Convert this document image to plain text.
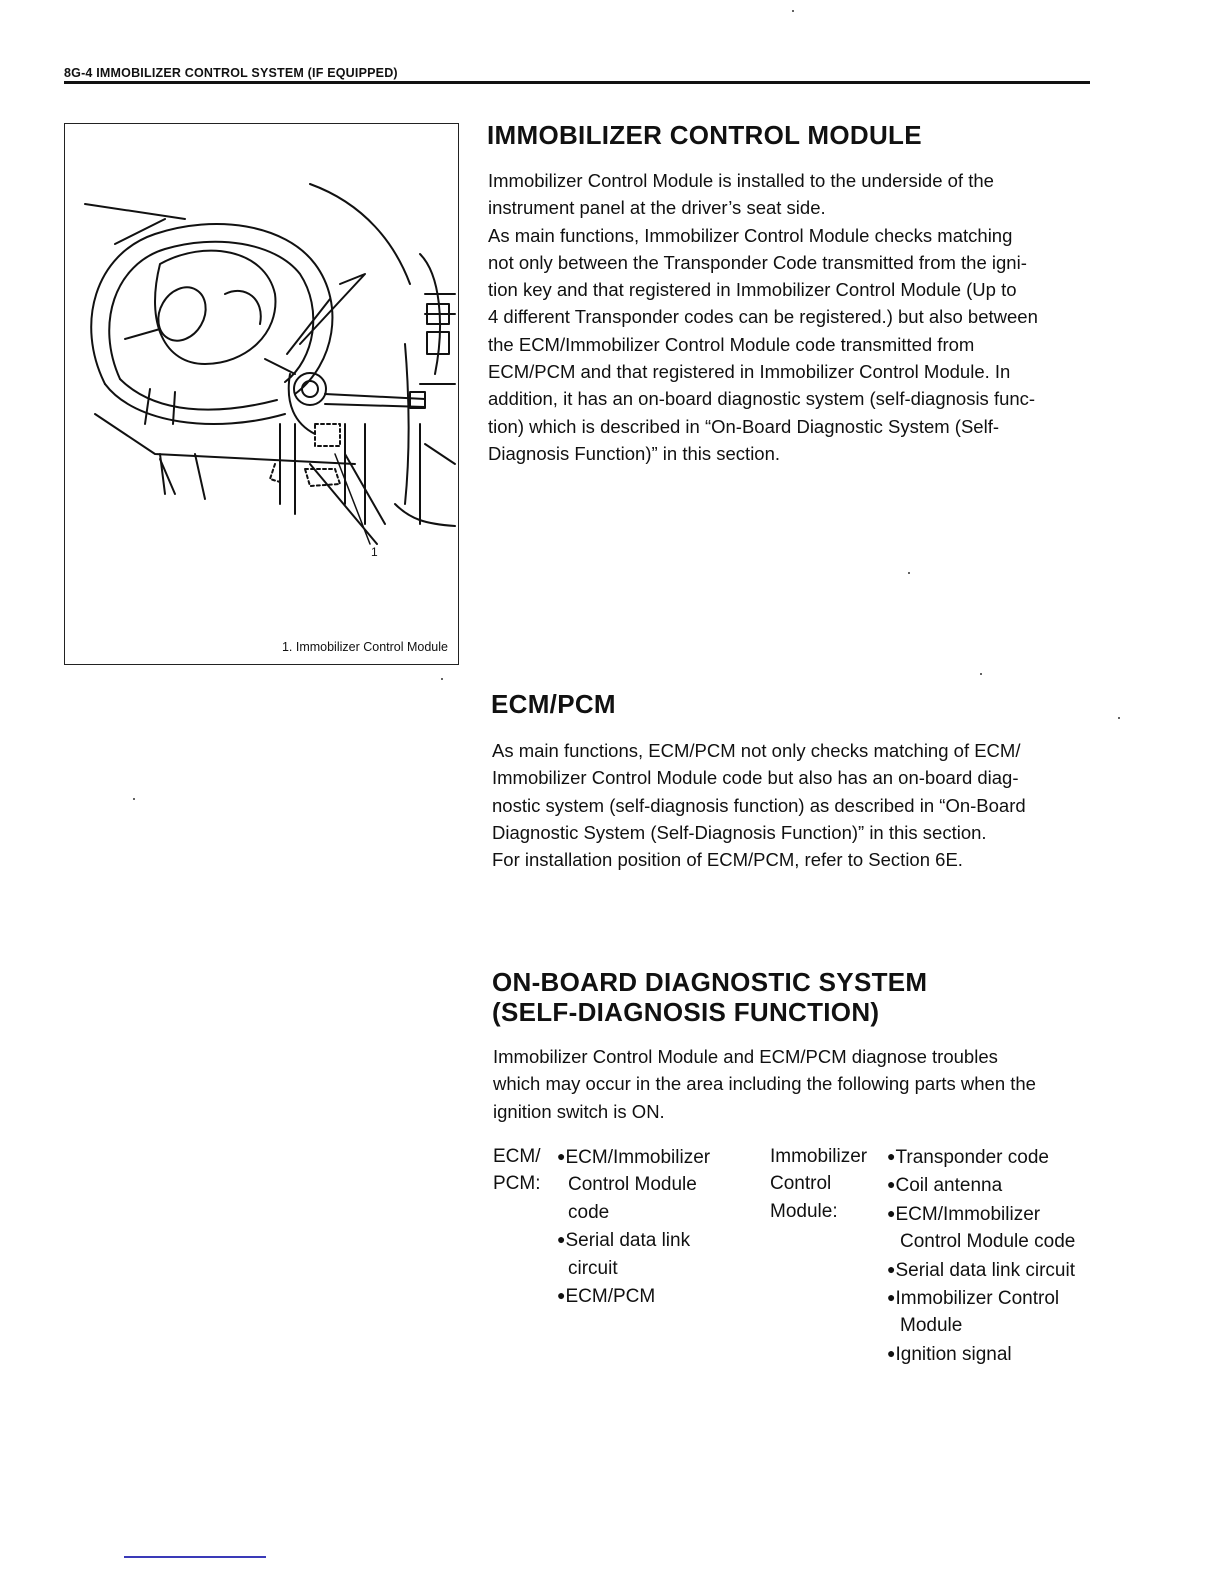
8G-4 IMMOBILIZER CONTROL SYSTEM (IF EQUIPPED)
1
1. Immobilizer Control Module
IMMOBILIZER CONTROL MODULE

Immobilizer Control Module is installed to the underside of the
instrument panel at the driver’s seat side.
As main functions, Immobilizer Control Module checks matching
not only between the Transponder Code transmitted from the igni-
tion key and that registered in Immobilizer Control Module (Up to
4 different Transponder codes can be registered.) but also between
the ECM/Immobilizer Control Module code transmitted from
ECM/PCM and that registered in Immobilizer Control Module. In
addition, it has an on-board diagnostic system (self-diagnosis func-
tion) which is described in “On-Board Diagnostic System (Self-
Diagnosis Function)” in this section.

ECM/PCM

As main functions, ECM/PCM not only checks matching of ECM/
Immobilizer Control Module code but also has an on-board diag-
nostic system (self-diagnosis function) as described in “On-Board
Diagnostic System (Self-Diagnosis Function)” in this section.
For installation position of ECM/PCM, refer to Section 6E.

ON-BOARD DIAGNOSTIC SYSTEM
(SELF-DIAGNOSIS FUNCTION)

Immobilizer Control Module and ECM/PCM diagnose troubles
which may occur in the area including the following parts when the
ignition switch is ON.

ECM/
PCM:
●ECM/Immobilizer
Control Module
code
●Serial data link
circuit
●ECM/PCM
Immobilizer
Control
Module:
●Transponder code
●Coil antenna
●ECM/Immobilizer
Control Module code
●Serial data link circuit
●Immobilizer Control
Module
●Ignition signal
